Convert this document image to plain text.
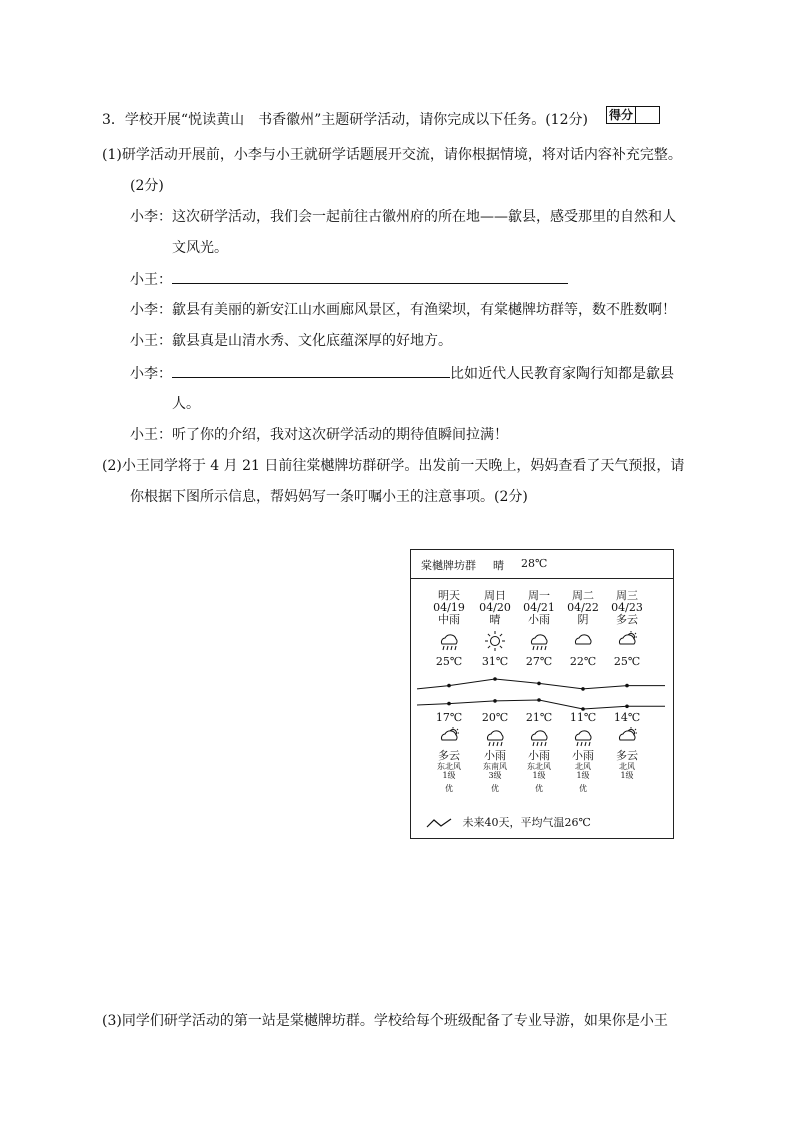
3．学校开展“悦读黄山　书香徽州”主题研学活动，请你完成以下任务。(12分) 得分
(1)研学活动开展前，小李与小王就研学话题展开交流，请你根据情境，将对话内容补充完整。
(2分)
小李：这次研学活动，我们会一起前往古徽州府的所在地——歙县，感受那里的自然和人
文风光。
小王：
小李：歙县有美丽的新安江山水画廊风景区，有渔梁坝，有棠樾牌坊群等，数不胜数啊！
小王：歙县真是山清水秀、文化底蕴深厚的好地方。
小李：	比如近代人民教育家陶行知都是歙县
人。
小王：听了你的介绍，我对这次研学活动的期待值瞬间拉满！
(2)小王同学将于 4 月 21 日前往棠樾牌坊群研学。出发前一天晚上，妈妈查看了天气预报，请
你根据下图所示信息，帮妈妈写一条叮嘱小王的注意事项。(2分)
棠樾牌坊群 晴 28℃
明天
04/19
中雨
25℃
17℃
多云
东北风
1级
优
周日
04/20
晴
31℃
20℃
小雨
东南风
3级
优
周一
04/21
小雨
27℃
21℃
小雨
东北风
1级
优
周二
04/22
阴
22℃
11℃
小雨
北风
1级
优
周三
04/23
多云
25℃
14℃
多云
北风
1级
未来40天，平均气温26℃
(3)同学们研学活动的第一站是棠樾牌坊群。学校给每个班级配备了专业导游，如果你是小王
